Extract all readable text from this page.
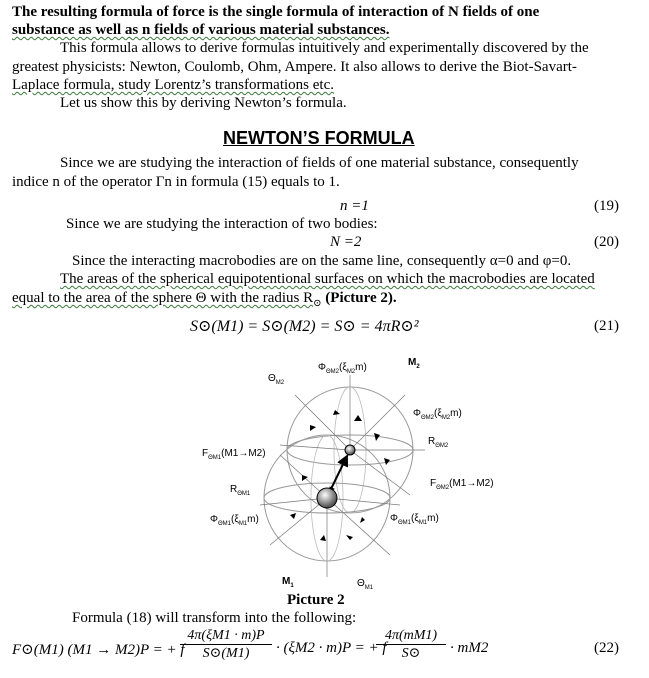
The resulting formula of force is the single formula of interaction of N fields of one
substance as well as n fields of various material substances.
This formula allows to derive formulas intuitively and experimentally discovered by the
greatest physicists: Newton, Coulomb, Ohm, Ampere. It also allows to derive the Biot-Savart-
Laplace formula, study Lorentz’s transformations etc.
Let us show this by deriving Newton’s formula.
NEWTON’S FORMULA
Since we are studying the interaction of fields of one material substance, consequently
indice n of the operator Γn in formula (15) equals to 1.
n =1	(19)
Since we are studying the interaction of two bodies:
N =2	(20)
Since the interacting macrobodies are on the same line, consequently α=0 and φ=0.
The areas of the spherical equipotentional surfaces on which the macrobodies are located
equal to the area of the sphere Θ with the radius $R_⊙$ (Picture 2).
S⊙(M1) = S⊙(M2) = S⊙ = 4πR⊙²	(21)
$\Theta_{M2}$
$\Phi_{\Theta M2}(\xi_{M2}m)$	$M_2$
$\Phi_{\Theta M2}(\xi_{M2}m)$
$R_{\Theta M2}$
$F_{\Theta M1}(M1\to M2)$
$R_{\Theta M1}$
$F_{\Theta M2}(M1\to M2)$
$\Phi_{\Theta M1}(\xi_{M1}m)$	$\Phi_{\Theta M1}(\xi_{M1}m)$
$M_1$	$\Theta_{M1}$
Picture 2
Formula (18) will transform into the following:
F⊙(M1) (M1 → M2)P = + f
4π(ξM1 · m)P
S⊙(M1)	· (ξM2 · m)P = + f
4π(mM1)
S⊙	· mM2	(22)
